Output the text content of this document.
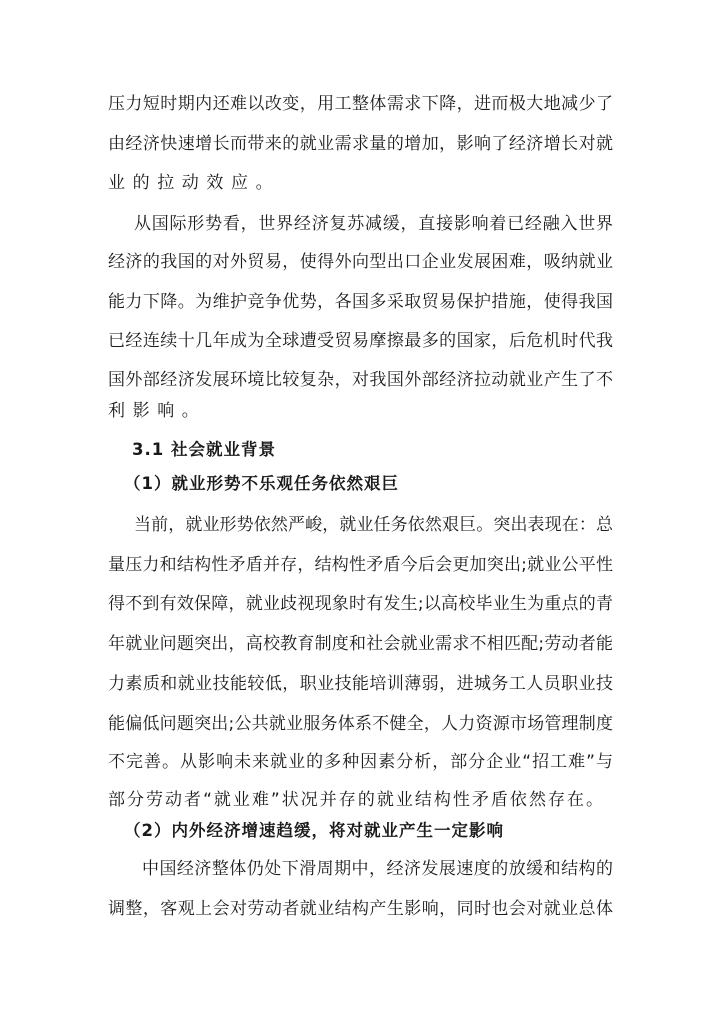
压力短时期内还难以改变，用工整体需求下降，进而极大地减少了
由经济快速增长而带来的就业需求量的增加，影响了经济增长对就
业的拉动效应。
从国际形势看，世界经济复苏减缓，直接影响着已经融入世界
经济的我国的对外贸易，使得外向型出口企业发展困难，吸纳就业
能力下降。为维护竞争优势，各国多采取贸易保护措施，使得我国
已经连续十几年成为全球遭受贸易摩擦最多的国家，后危机时代我
国外部经济发展环境比较复杂，对我国外部经济拉动就业产生了不
利影响。
3.1 社会就业背景
（1）就业形势不乐观任务依然艰巨
当前，就业形势依然严峻，就业任务依然艰巨。突出表现在：总
量压力和结构性矛盾并存，结构性矛盾今后会更加突出;就业公平性
得不到有效保障，就业歧视现象时有发生;以高校毕业生为重点的青
年就业问题突出，高校教育制度和社会就业需求不相匹配;劳动者能
力素质和就业技能较低，职业技能培训薄弱，进城务工人员职业技
能偏低问题突出;公共就业服务体系不健全，人力资源市场管理制度
不完善。从影响未来就业的多种因素分析，部分企业“招工难”与
部分劳动者“就业难”状况并存的就业结构性矛盾依然存在。
（2）内外经济增速趋缓，将对就业产生一定影响
中国经济整体仍处下滑周期中，经济发展速度的放缓和结构的
调整，客观上会对劳动者就业结构产生影响，同时也会对就业总体
